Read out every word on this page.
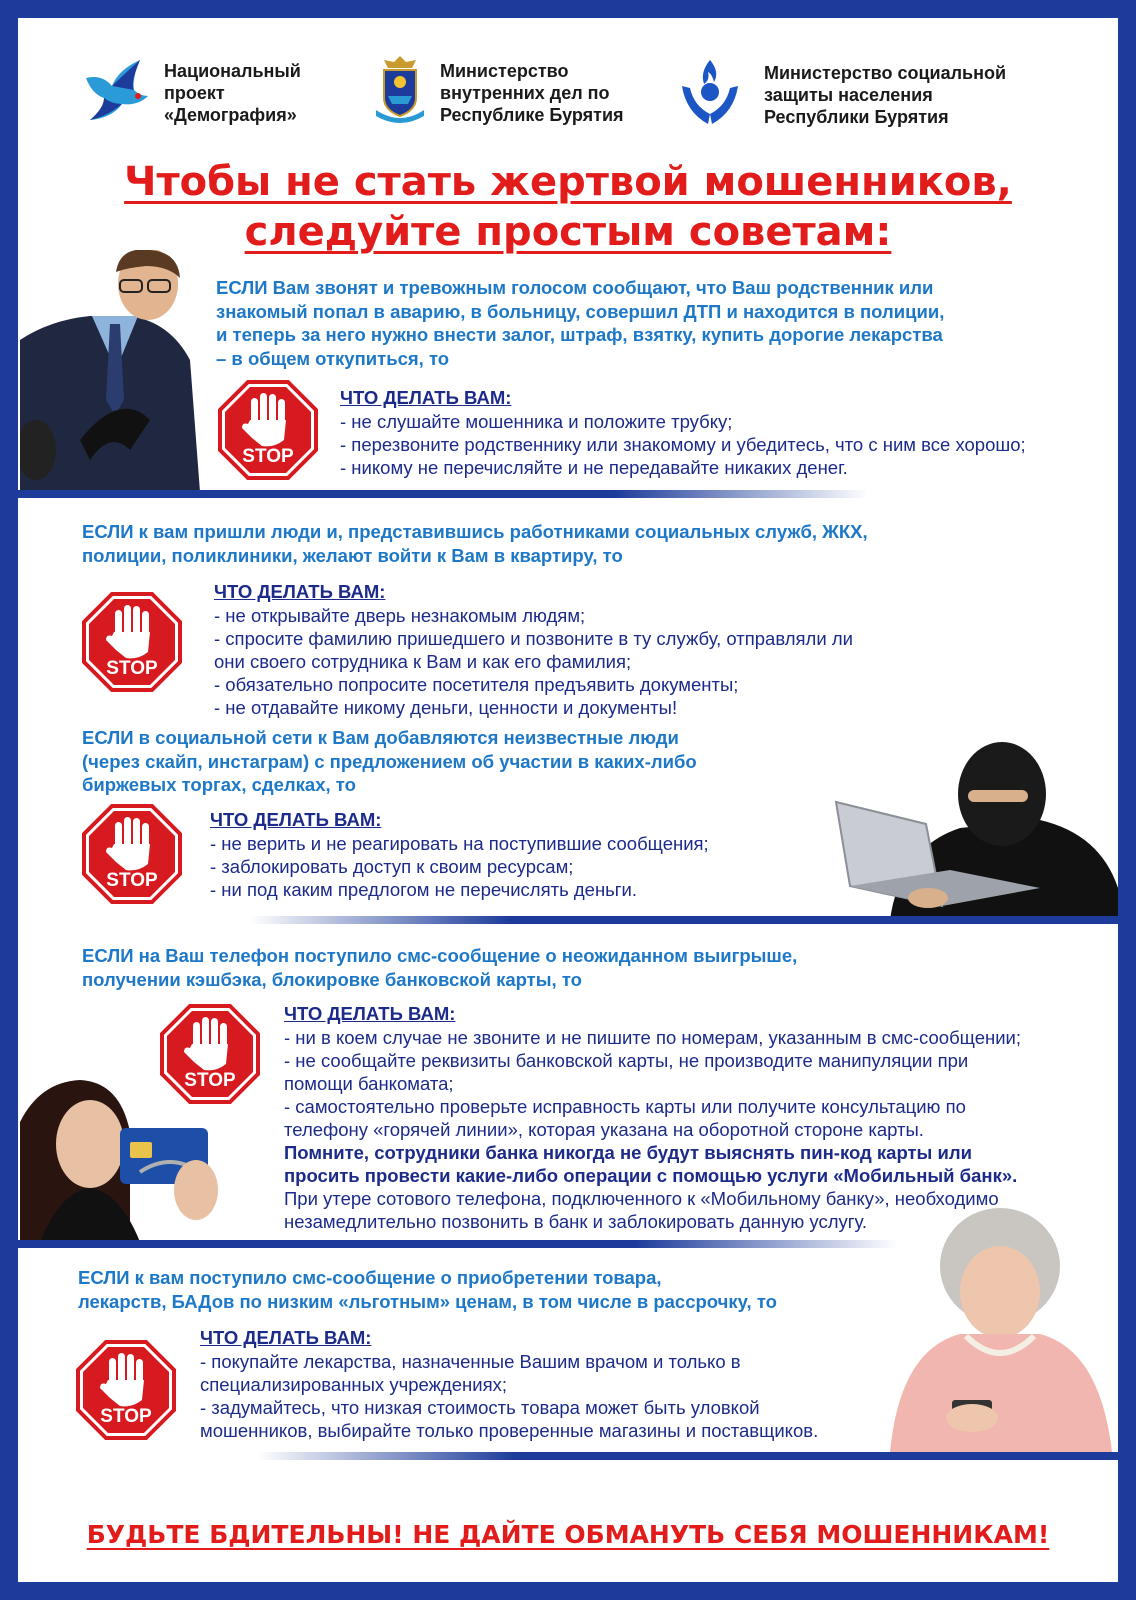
Национальный
проект
«Демография»
Министерство
внутренних дел по
Республике Бурятия
Министерство социальной
защиты населения
Республики Бурятия
Чтобы не стать жертвой мошенников,
следуйте простым советам:
ЕСЛИ Вам звонят и тревожным голосом сообщают, что Ваш родственник или
знакомый попал в аварию, в больницу, совершил ДТП и находится в полиции,
и теперь за него нужно внести залог, штраф, взятку, купить дорогие лекарства
– в общем откупиться, то
STOP
ЧТО ДЕЛАТЬ ВАМ:
- не слушайте мошенника и положите трубку;
- перезвоните родственнику или знакомому и убедитесь, что с ним все хорошо;
- никому не перечисляйте и не передавайте никаких денег.
ЕСЛИ к вам пришли люди и, представившись работниками социальных служб, ЖКХ,
полиции, поликлиники, желают войти к Вам в квартиру, то
STOP
ЧТО ДЕЛАТЬ ВАМ:
- не открывайте дверь незнакомым людям;
- спросите фамилию пришедшего и позвоните в ту службу, отправляли ли
они своего сотрудника к Вам и как его фамилия;
- обязательно попросите посетителя предъявить документы;
- не отдавайте никому деньги, ценности и документы!
ЕСЛИ в социальной сети к Вам добавляются неизвестные люди
(через скайп, инстаграм) с предложением об участии в каких-либо
биржевых торгах, сделках, то
STOP
ЧТО ДЕЛАТЬ ВАМ:
- не верить и не реагировать на поступившие сообщения;
- заблокировать доступ к своим ресурсам;
- ни под каким предлогом не перечислять деньги.
ЕСЛИ на Ваш телефон поступило смс-сообщение о неожиданном выигрыше,
получении кэшбэка, блокировке банковской карты, то
STOP
ЧТО ДЕЛАТЬ ВАМ:
- ни в коем случае не звоните и не пишите по номерам, указанным в смс-сообщении;
- не сообщайте реквизиты банковской карты, не производите манипуляции при
помощи банкомата;
- самостоятельно проверьте исправность карты или получите консультацию по
телефону «горячей линии», которая указана на оборотной стороне карты.
Помните, сотрудники банка никогда не будут выяснять пин-код карты или
просить провести какие-либо операции с помощью услуги «Мобильный банк».
При утере сотового телефона, подключенного к «Мобильному банку», необходимо
незамедлительно позвонить в банк и заблокировать данную услугу.
ЕСЛИ к вам поступило смс-сообщение о приобретении товара,
лекарств, БАДов по низким «льготным» ценам, в том числе в рассрочку, то
STOP
ЧТО ДЕЛАТЬ ВАМ:
- покупайте лекарства, назначенные Вашим врачом и только в
специализированных учреждениях;
- задумайтесь, что низкая стоимость товара может быть уловкой
мошенников, выбирайте только проверенные магазины и поставщиков.
БУДЬТЕ БДИТЕЛЬНЫ! НЕ ДАЙТЕ ОБМАНУТЬ СЕБЯ МОШЕННИКАМ!
